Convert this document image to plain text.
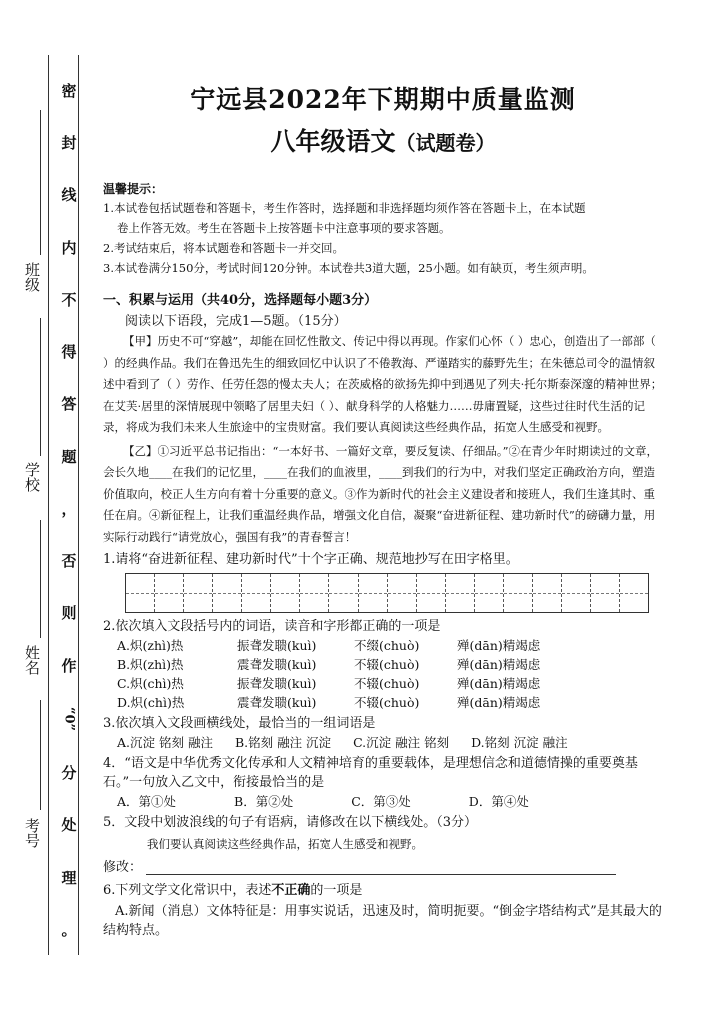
密
封
线
内
不
得
答
题
，
否
则
作
“0”
分
处
理
。
考号
姓名
学校
班级
宁远县2022年下期期中质量监测
八年级语文（试题卷）
温馨提示：

1.本试卷包括试题卷和答题卡，考生作答时，选择题和非选择题均须作答在答题卡上，在本试题

卷上作答无效。考生在答题卡上按答题卡中注意事项的要求答题。

2.考试结束后，将本试题卷和答题卡一并交回。

3.本试卷满分150分，考试时间120分钟。本试卷共3道大题，25小题。如有缺页，考生须声明。

一、积累与运用（共40分，选择题每小题3分）
阅读以下语段，完成1—5题。（15分）

【甲】历史不可“穿越”，却能在回忆性散文、传记中得以再现。作家们心怀（ ）忠心，创造出了一部部（ ）的经典作品。我们在鲁迅先生的细致回忆中认识了不倦教海、严谨踏实的藤野先生；在朱德总司令的温情叙述中看到了（ ）劳作、任劳任怨的慢太夫人；在茨威格的欲扬先抑中到遇见了列夫·托尔斯泰深邃的精神世界；在艾芙·居里的深情展现中领略了居里夫妇（ ）、献身科学的人格魅力……毋庸置疑，这些过往时代生活的记录，将成为我们未来人生旅途中的宝贵财富。我们要认真阅读这些经典作品，拓宽人生感受和视野。

【乙】①习近平总书记指出：“一本好书、一篇好文章，要反复读、仔细品。”②在青少年时期读过的文章，会长久地____在我们的记忆里，____在我们的血液里，____到我们的行为中，对我们坚定正确政治方向，塑造价值取向，校正人生方向有着十分重要的意义。③作为新时代的社会主义建设者和接班人，我们生逢其时、重任在肩。④新征程上，让我们重温经典作品，增强文化自信，凝聚“奋进新征程、建功新时代”的磅礴力量，用实际行动践行“请党放心，强国有我”的青春誓言！

1.请将“奋进新征程、建功新时代”十个字正确、规范地抄写在田字格里。
2.依次填入文段括号内的词语，读音和字形都正确的一项是
A.炽(zhì)热	振聋发聩(kuì)	不缀(chuò)	殚(dān)精竭虑
B.炽(zhì)热	震聋发聩(kuì)	不辍(chuò)	殚(dān)精竭虑
C.炽(chì)热	振聋发聩(kuì)	不辍(chuò)	殚(dān)精竭虑
D.炽(chì)热	震聋发聩(kuì)	不辍(chuò)	殚(dān)精竭虑
3.依次填入文段画横线处，最恰当的一组词语是
A.沉淀 铭刻 融注 B.铭刻 融注 沉淀 C.沉淀 融注 铭刻 D.铭刻 沉淀 融注
4．“语文是中华优秀文化传承和人文精神培育的重要载体，是理想信念和道德情操的重要奠基石。”一句放入乙文中，衔接最恰当的是
A．第①处	B．第②处	C．第③处	D．第④处
5．文段中划波浪线的句子有语病，请修改在以下横线处。（3分）
我们要认真阅读这些经典作品，拓宽人生感受和视野。
修改：
6.下列文学文化常识中，表述不正确的一项是
A.新闻（消息）文体特征是：用事实说话，迅速及时，简明扼要。“倒金字塔结构式”是其最大的结构特点。
